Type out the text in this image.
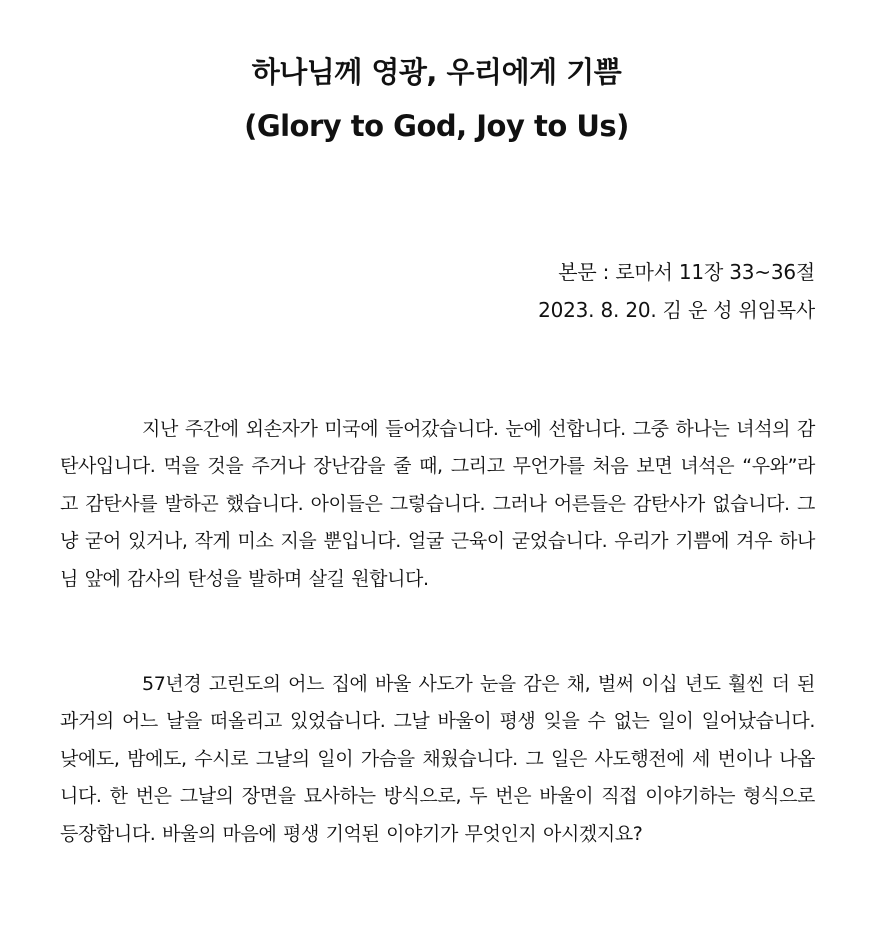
하나님께 영광, 우리에게 기쁨
(Glory to God, Joy to Us)
본문 : 로마서 11장 33~36절
2023. 8. 20. 김 운 성 위임목사

지난 주간에 외손자가 미국에 들어갔습니다. 눈에 선합니다. 그중 하나는 녀석의 감탄사입니다. 먹을 것을 주거나 장난감을 줄 때, 그리고 무언가를 처음 보면 녀석은 “우와”라고 감탄사를 발하곤 했습니다. 아이들은 그렇습니다. 그러나 어른들은 감탄사가 없습니다. 그냥 굳어 있거나, 작게 미소 지을 뿐입니다. 얼굴 근육이 굳었습니다. 우리가 기쁨에 겨우 하나님 앞에 감사의 탄성을 발하며 살길 원합니다.

57년경 고린도의 어느 집에 바울 사도가 눈을 감은 채, 벌써 이십 년도 훨씬 더 된 과거의 어느 날을 떠올리고 있었습니다. 그날 바울이 평생 잊을 수 없는 일이 일어났습니다. 낮에도, 밤에도, 수시로 그날의 일이 가슴을 채웠습니다. 그 일은 사도행전에 세 번이나 나옵니다. 한 번은 그날의 장면을 묘사하는 방식으로, 두 번은 바울이 직접 이야기하는 형식으로 등장합니다. 바울의 마음에 평생 기억된 이야기가 무엇인지 아시겠지요?
